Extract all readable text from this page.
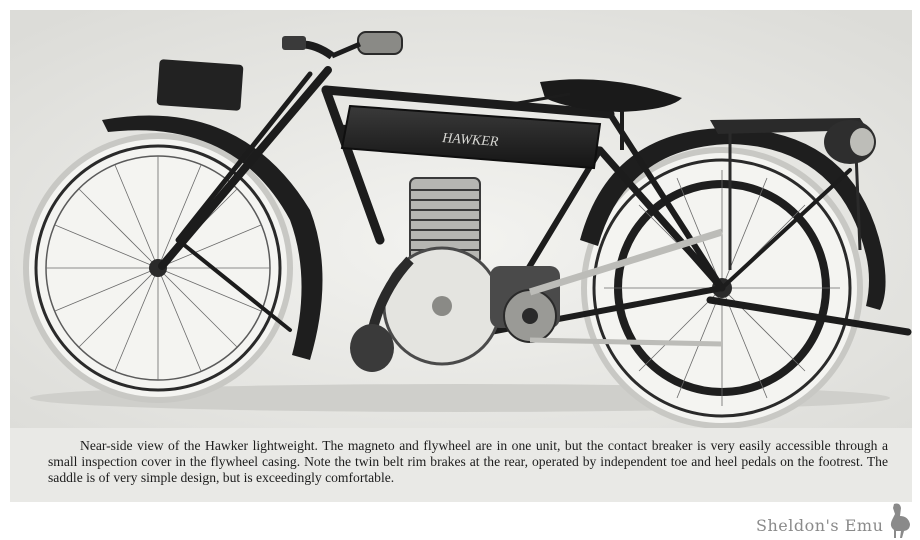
HAWKER

Near-side view of the Hawker lightweight. The magneto and flywheel are in one unit, but the contact breaker is very easily accessible through a small inspection cover in the flywheel casing. Note the twin belt rim brakes at the rear, operated by independent toe and heel pedals on the footrest. The saddle is of very simple design, but is exceedingly comfortable.

Sheldon's Emu
